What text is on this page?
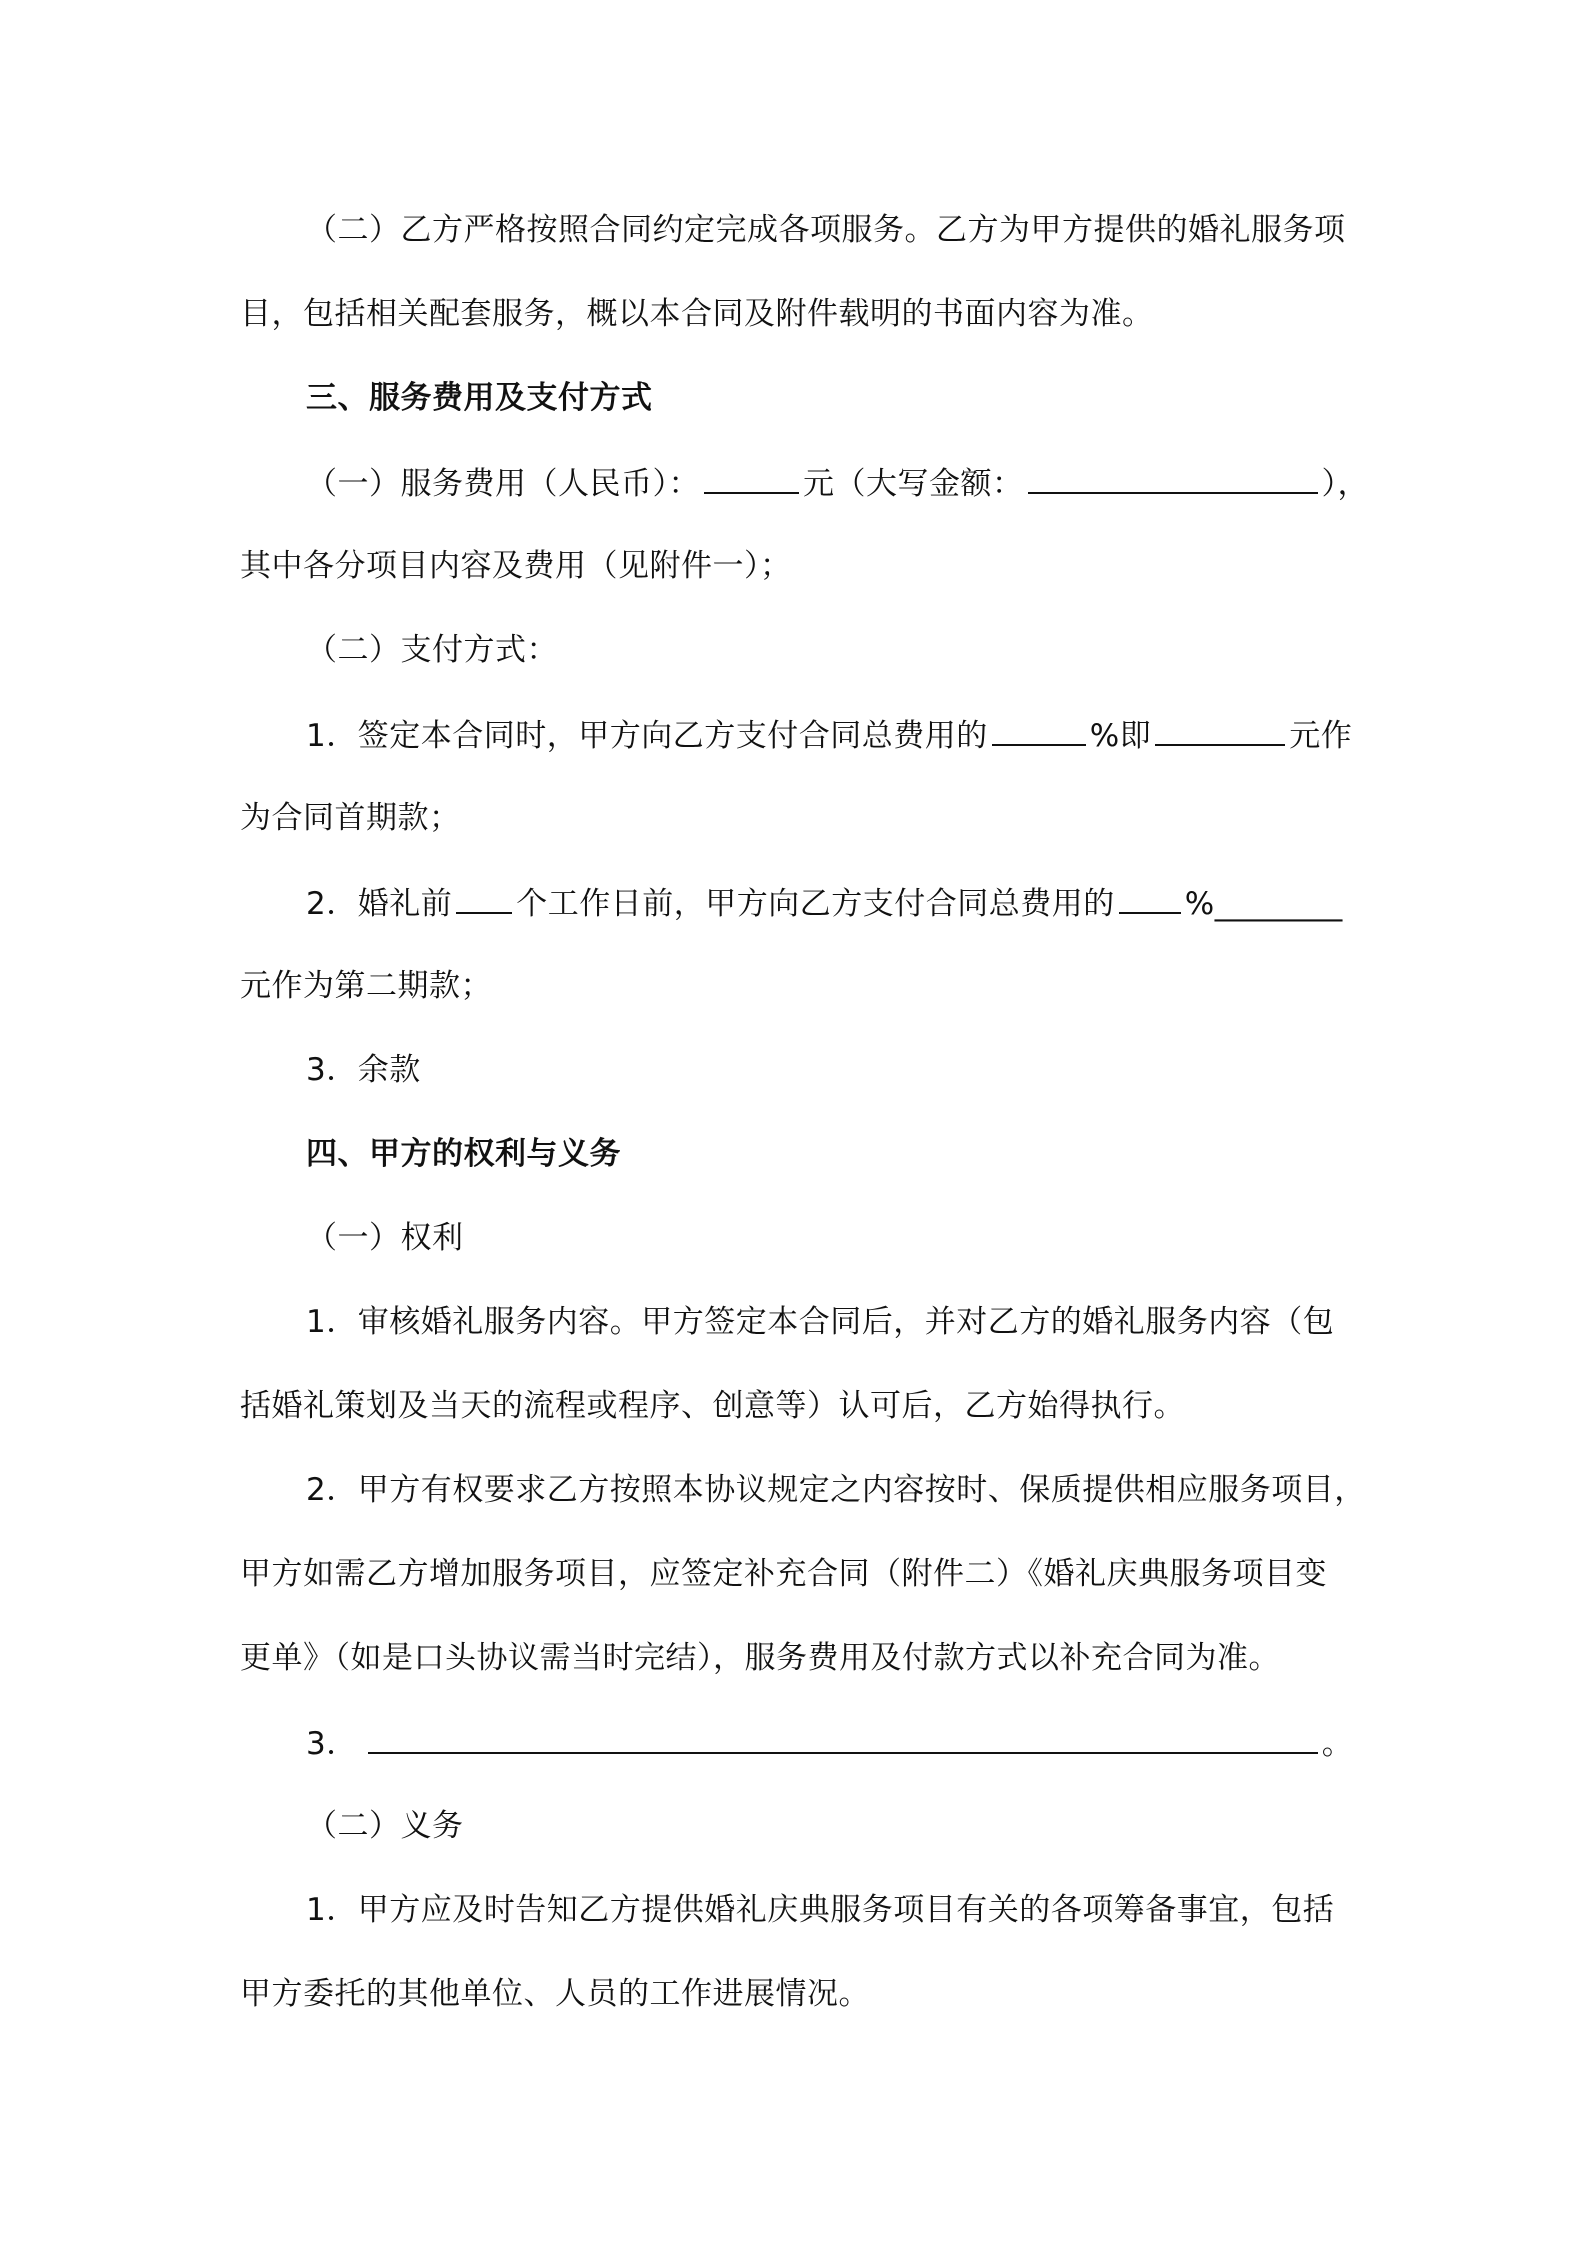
（二）乙方严格按照合同约定完成各项服务。乙方为甲方提供的婚礼服务项
目，包括相关配套服务，概以本合同及附件载明的书面内容为准。
三、服务费用及支付方式
（一）服务费用（人民币）：	元（大写金额：	），
其中各分项目内容及费用（见附件一）；
（二）支付方式：
1．签定本合同时，甲方向乙方支付合同总费用的	%即	元作
为合同首期款；
2．婚礼前 个工作日前，甲方向乙方支付合同总费用的 %________
元作为第二期款；
3．余款
四、甲方的权利与义务
（一）权利
1．审核婚礼服务内容。甲方签定本合同后，并对乙方的婚礼服务内容（包
括婚礼策划及当天的流程或程序、创意等）认可后，乙方始得执行。
2．甲方有权要求乙方按照本协议规定之内容按时、保质提供相应服务项目，
甲方如需乙方增加服务项目，应签定补充合同（附件二）《婚礼庆典服务项目变
更单》（如是口头协议需当时完结），服务费用及付款方式以补充合同为准。
3．	。
（二）义务
1．甲方应及时告知乙方提供婚礼庆典服务项目有关的各项筹备事宜，包括
甲方委托的其他单位、人员的工作进展情况。
